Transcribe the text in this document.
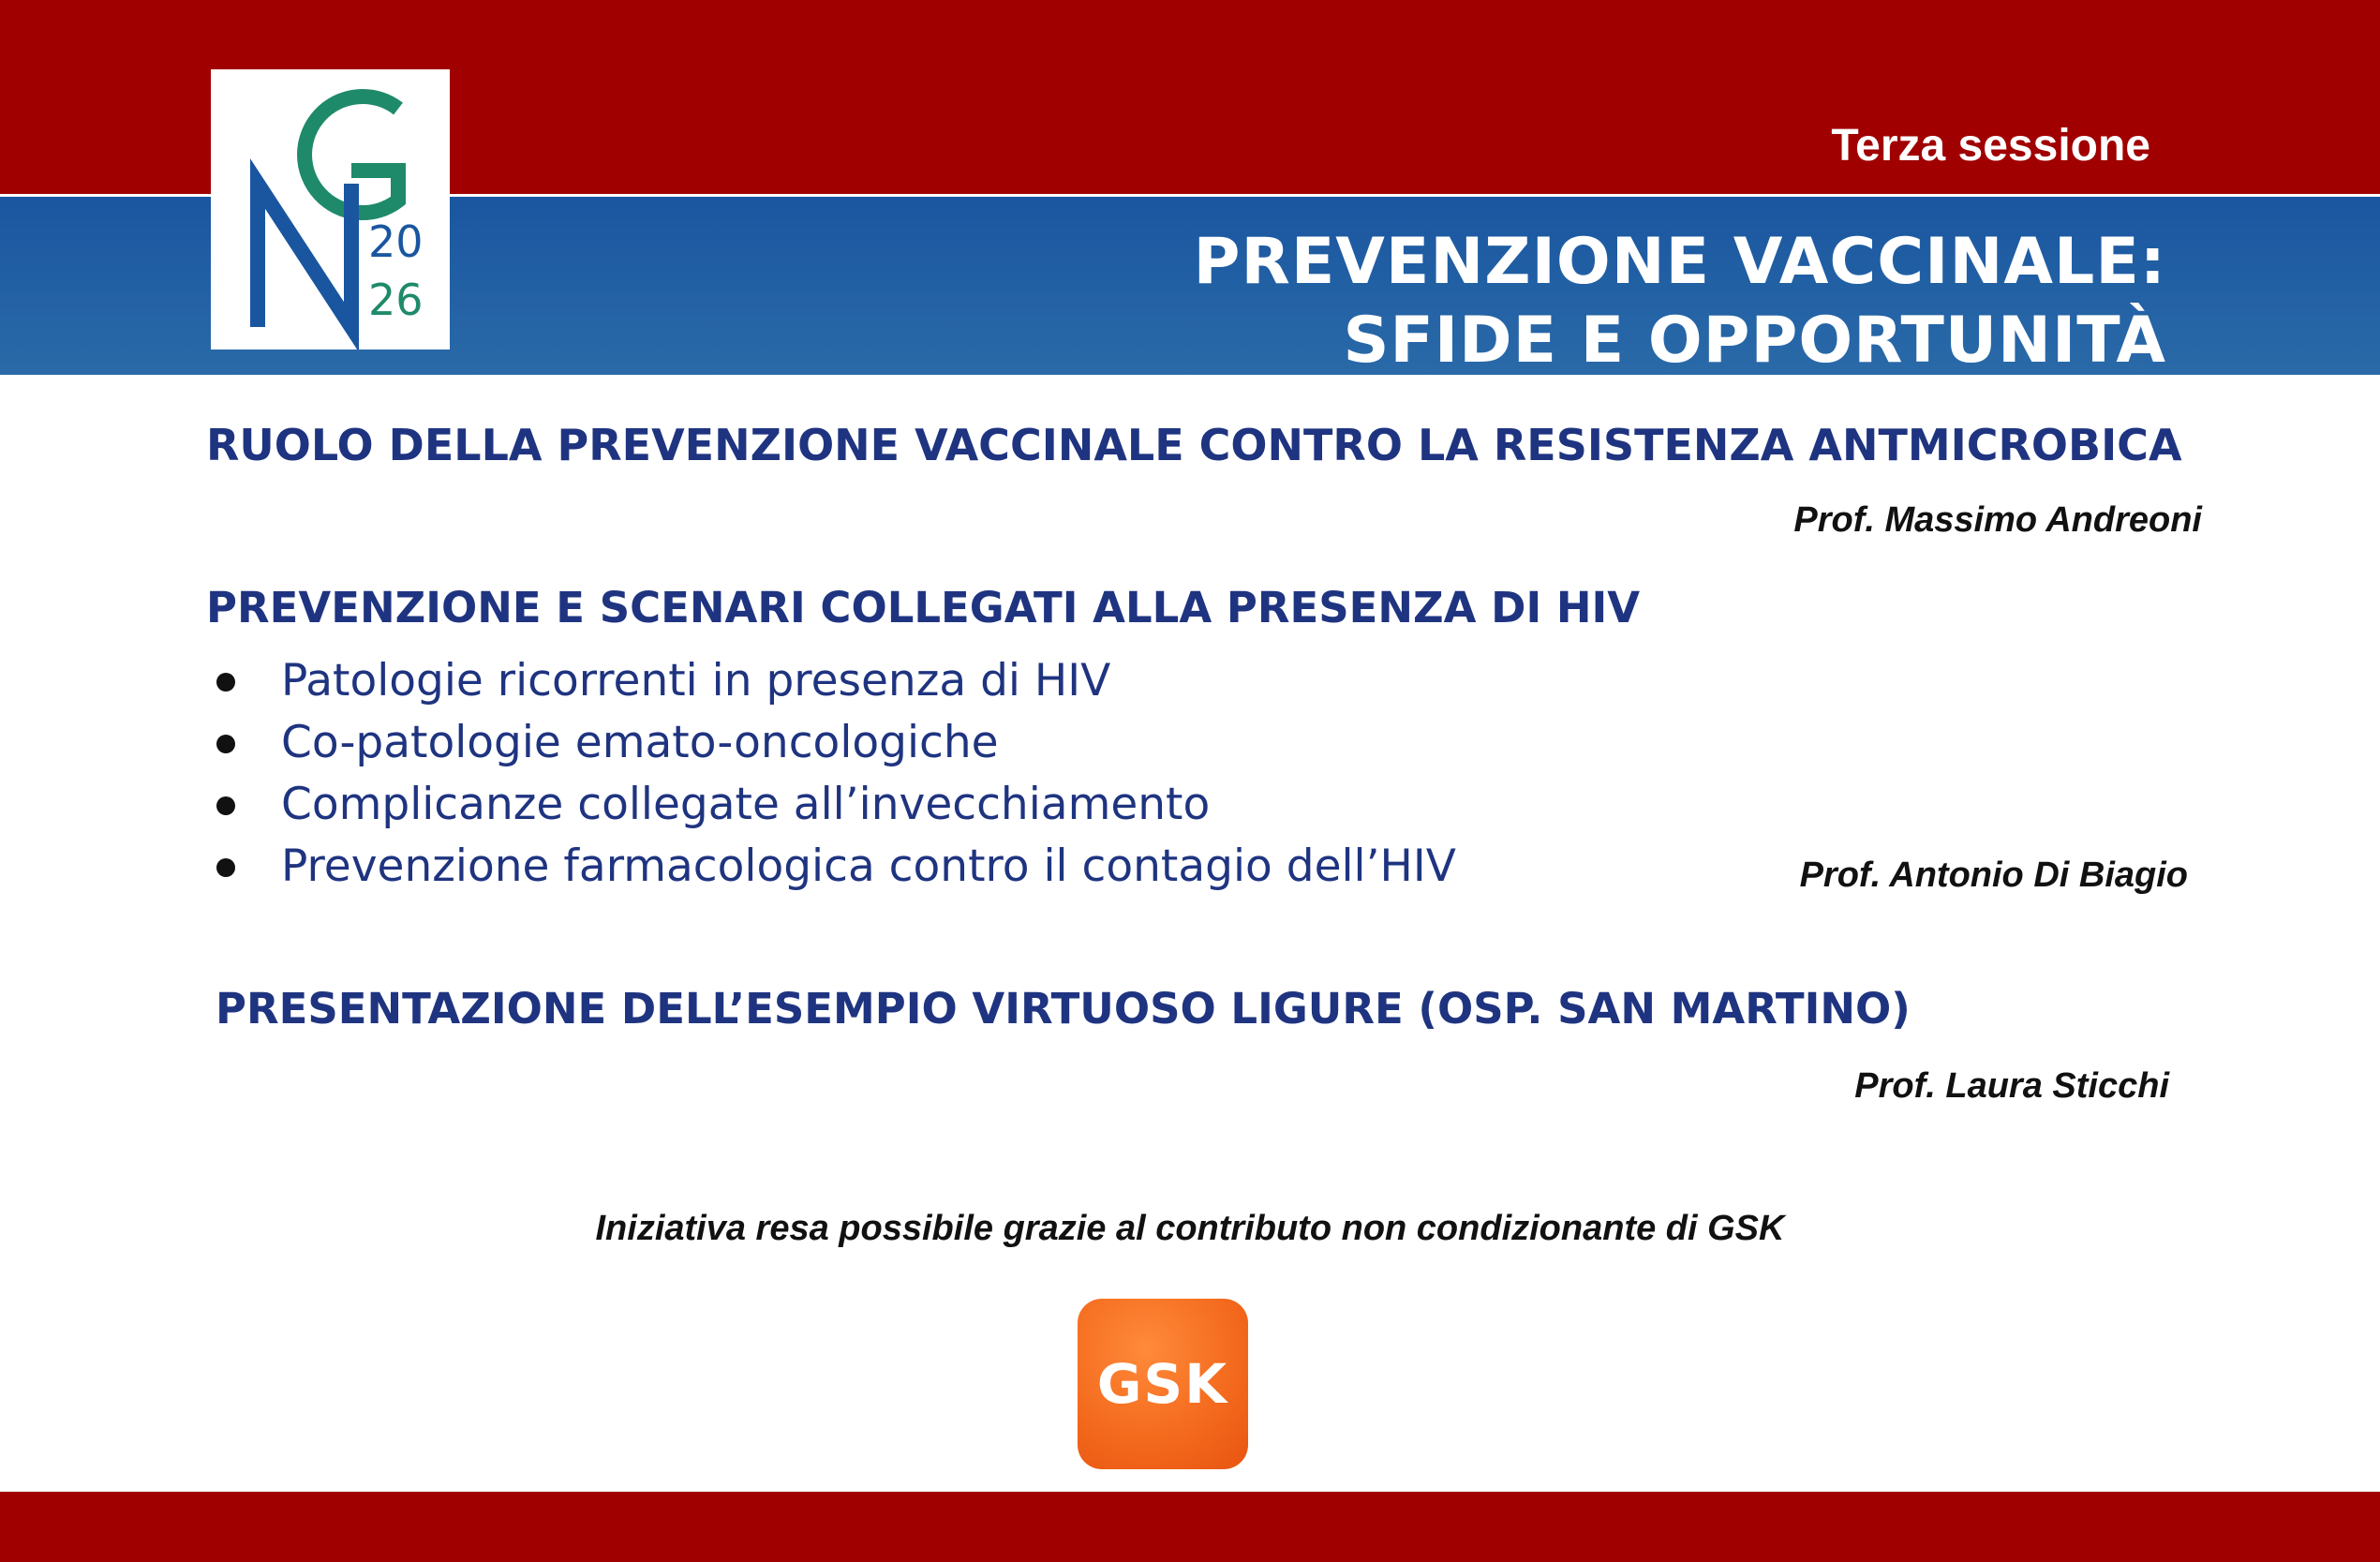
20
26
Terza sessione
PREVENZIONE VACCINALE:
SFIDE E OPPORTUNITÀ
RUOLO DELLA PREVENZIONE VACCINALE CONTRO LA RESISTENZA ANTMICROBICA
Prof. Massimo Andreoni
PREVENZIONE E SCENARI COLLEGATI ALLA PRESENZA DI HIV
Patologie ricorrenti in presenza di HIV
Co-patologie emato-oncologiche
Complicanze collegate all’invecchiamento
Prevenzione farmacologica contro il contagio dell’HIV	Prof. Antonio Di Biagio
PRESENTAZIONE DELL’ESEMPIO VIRTUOSO LIGURE (OSP. SAN MARTINO)
Prof. Laura Sticchi
Iniziativa resa possibile grazie al contributo non condizionante di GSK
GSK
